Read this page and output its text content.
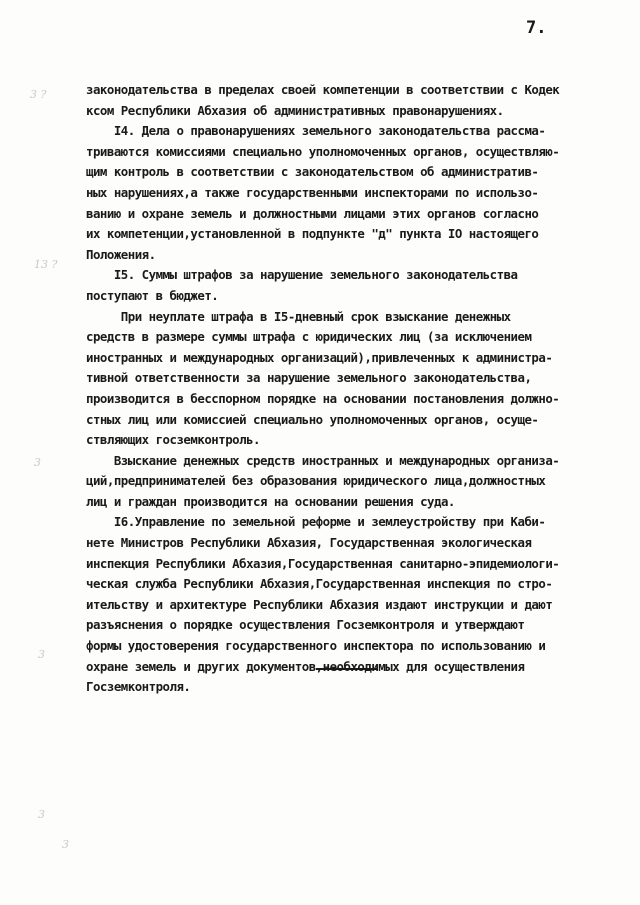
7.
законодательства в пределах своей компетенции в соответствии с Кодек
ксом Республики Абхазия об административных правонарушениях.
I4. Дела о правонарушениях земельного законодательства рассма-
тривaются комиссиями специально уполномоченных органов, осуществляю-
щим контроль в соответствии с законодательством об административ-
ных нарушениях,а также государственными инспекторами по использо-
ванию и охране земель и должностными лицами этих органов согласно
их компетенции,установленной в подпункте "д" пункта IO настоящего
Положения.
I5. Суммы штрафов за нарушение земельного законодательства
поступают в бюджет.
При неуплате штрафа в I5-дневный срок взыскание денежных
средств в размере суммы штрафа с юридических лиц (за исключением
иностранных и международных организаций),привлеченных к администра-
тивной ответственности за нарушение земельного законодательства,
производится в бесспорном порядке на основании постановления должно-
стных лиц или комиссией специально уполномоченных органов, осуще-
ствляющих госземконтроль.
Взыскание денежных средств иностранных и международных организа-
ций,предпринимателей без образования юридического лица,должностных
лиц и граждан производится на основании решения суда.
I6.Управление по земельной реформе и землеустройству при Каби-
нете Министров Республики Абхазия, Государственная экологическая
инспекция Республики Абхазия,Государственная санитарно-эпидемиологи-
ческая служба Республики Абхазия,Государственная инспекция по стро-
ительству и архитектуре Республики Абхазия издают инструкции и дают
разъяснения о порядке осуществления Госземконтроля и утверждают
формы удостоверения государственного инспектора по использованию и
охране земель и других документов,необходимых для осуществления
Госземконтроля.
3 ?
13 ?
3
3
3
3
